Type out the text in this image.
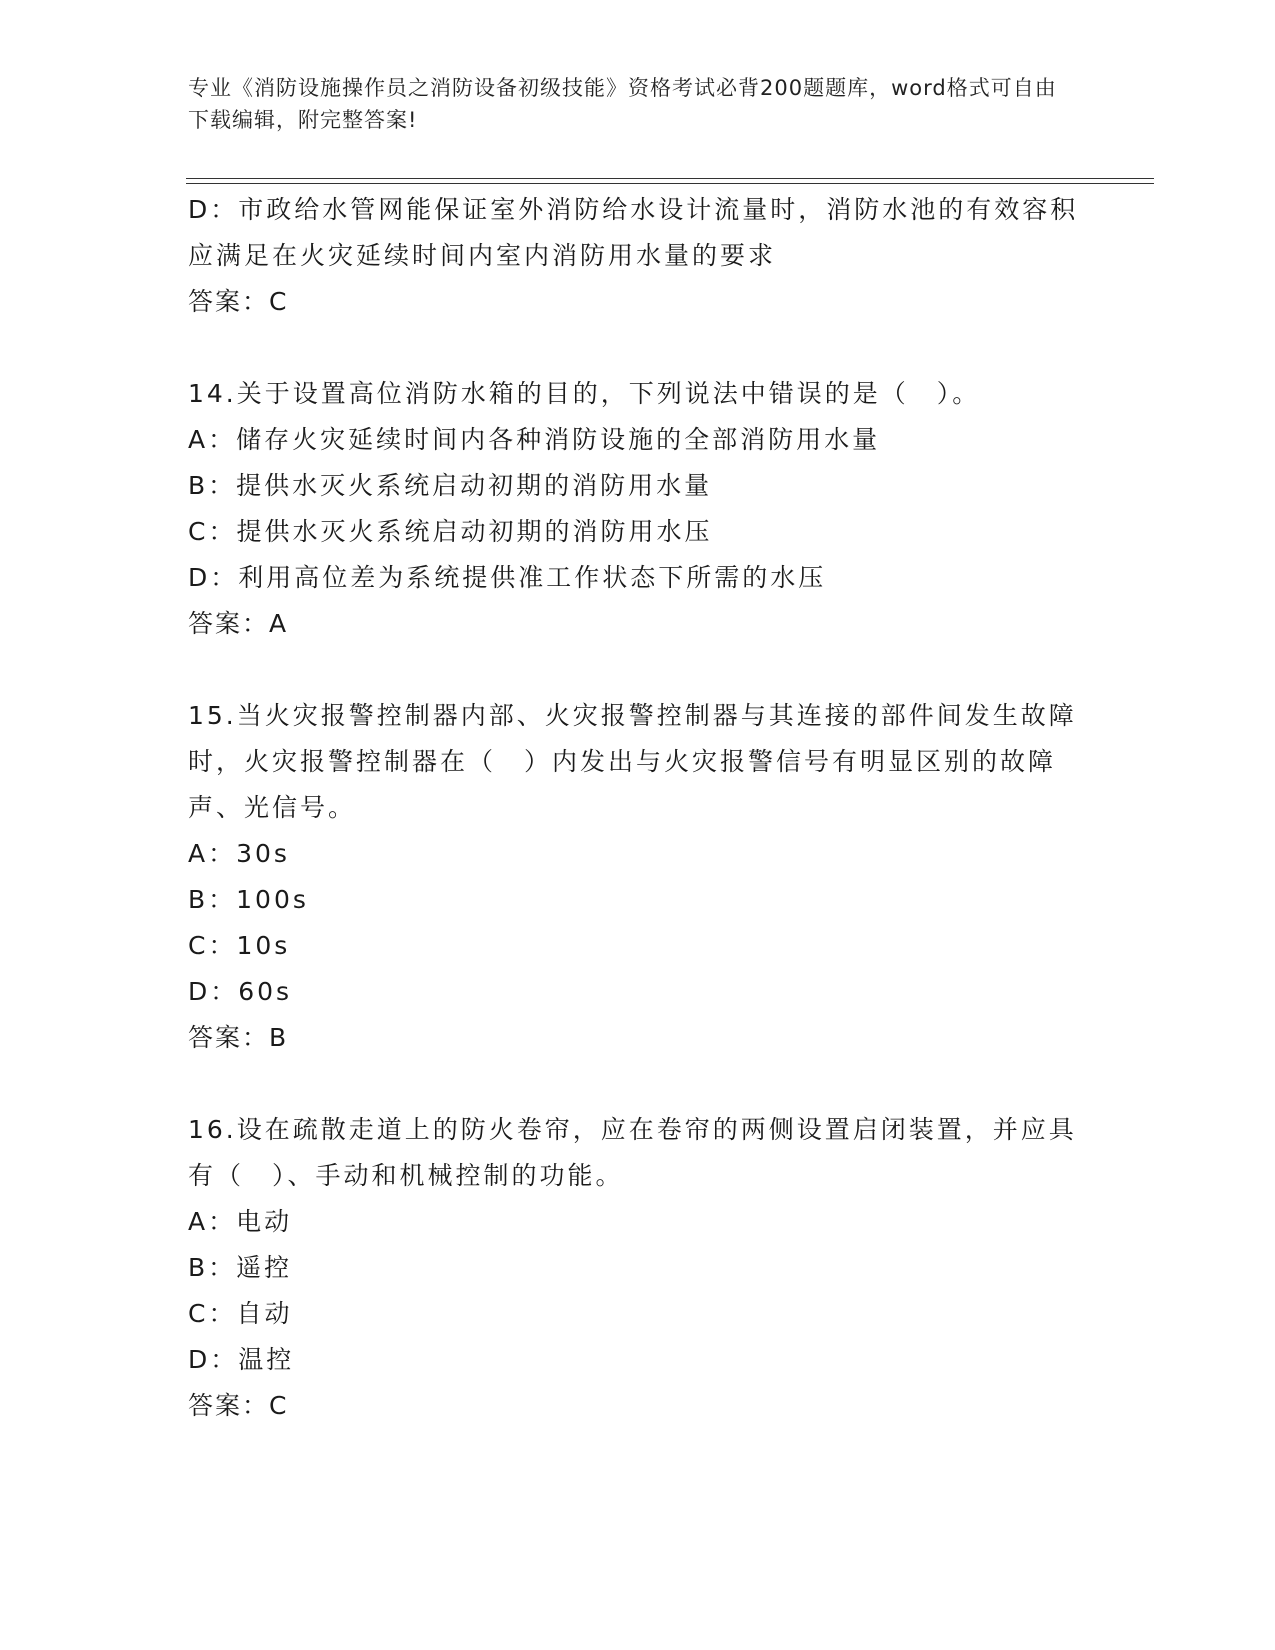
专业《消防设施操作员之消防设备初级技能》资格考试必背200题题库，word格式可自由下载编辑，附完整答案!
D：市政给水管网能保证室外消防给水设计流量时，消防水池的有效容积应满足在火灾延续时间内室内消防用水量的要求
答案：C
14.关于设置高位消防水箱的目的，下列说法中错误的是（　）。
A：储存火灾延续时间内各种消防设施的全部消防用水量
B：提供水灭火系统启动初期的消防用水量
C：提供水灭火系统启动初期的消防用水压
D：利用高位差为系统提供准工作状态下所需的水压
答案：A
15.当火灾报警控制器内部、火灾报警控制器与其连接的部件间发生故障时，火灾报警控制器在（　）内发出与火灾报警信号有明显区别的故障声、光信号。
A：30s
B：100s
C：10s
D：60s
答案：B
16.设在疏散走道上的防火卷帘，应在卷帘的两侧设置启闭装置，并应具有（　）、手动和机械控制的功能。
A：电动
B：遥控
C：自动
D：温控
答案：C
